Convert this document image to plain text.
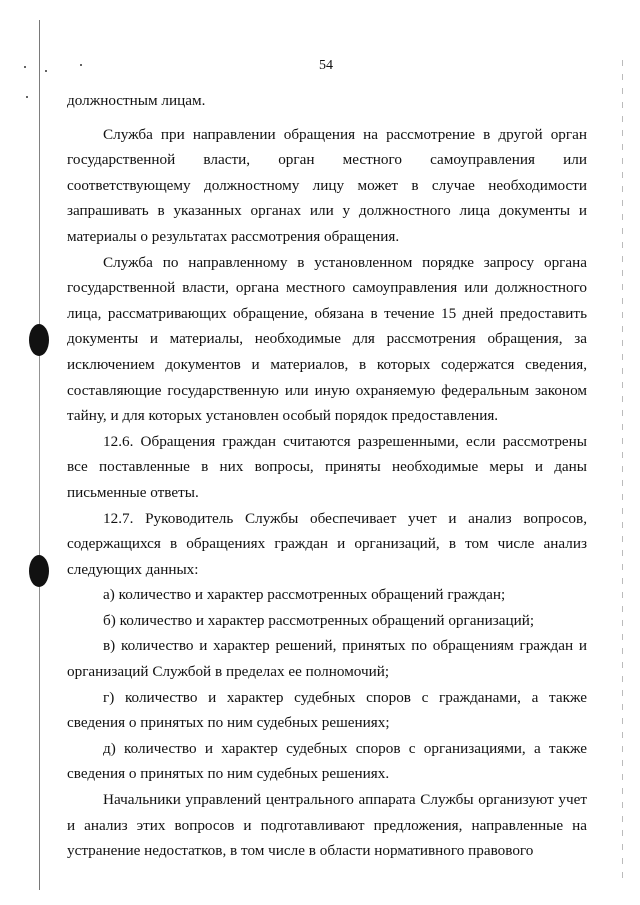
54

должностным лицам.

Служба при направлении обращения на рассмотрение в другой орган государственной власти, орган местного самоуправления или соответствующему должностному лицу может в случае необходимости запрашивать в указанных органах или у должностного лица документы и материалы о результатах рассмотрения обращения.

Служба по направленному в установленном порядке запросу органа государственной власти, органа местного самоуправления или должностного лица, рассматривающих обращение, обязана в течение 15 дней предоставить документы и материалы, необходимые для рассмотрения обращения, за исключением документов и материалов, в которых содержатся сведения, составляющие государственную или иную охраняемую федеральным законом тайну, и для которых установлен особый порядок предоставления.

12.6. Обращения граждан считаются разрешенными, если рассмотрены все поставленные в них вопросы, приняты необходимые меры и даны письменные ответы.

12.7. Руководитель Службы обеспечивает учет и анализ вопросов, содержащихся в обращениях граждан и организаций, в том числе анализ следующих данных:

а) количество и характер рассмотренных обращений граждан;

б) количество и характер рассмотренных обращений организаций;

в) количество и характер решений, принятых по обращениям граждан и организаций Службой в пределах ее полномочий;

г) количество и характер судебных споров с гражданами, а также сведения о принятых по ним судебных решениях;

д) количество и характер судебных споров с организациями, а также сведения о принятых по ним судебных решениях.

Начальники управлений центрального аппарата Службы организуют учет и анализ этих вопросов и подготавливают предложения, направленные на устранение недостатков, в том числе в области нормативного правового
